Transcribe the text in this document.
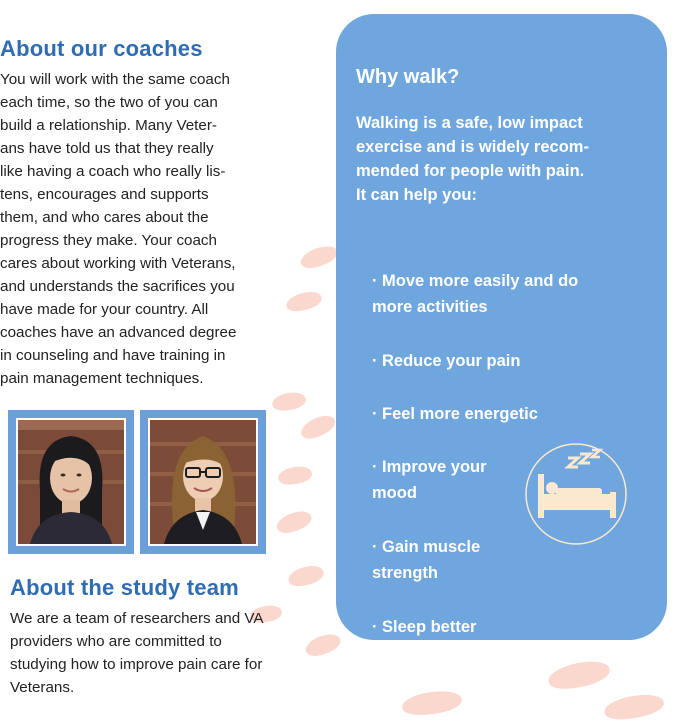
About our coaches

You will work with the same coach
each time, so the two of you can
build a relationship. Many Veter-
ans have told us that they really
like having a coach who really lis-
tens, encourages and supports
them, and who cares about the
progress they make. Your coach
cares about working with Veterans,
and understands the sacrifices you
have made for your country. All
coaches have an advanced degree
in counseling and have training in
pain management techniques.

About the study team

We are a team of researchers and VA
providers who are committed to
studying how to improve pain care for
Veterans.

Why walk?

Walking is a safe, low impact
exercise and is widely recom-
mended for people with pain.
It can help you:

· Move more easily and do
more activities

· Reduce your pain

· Feel more energetic

· Improve your
mood

· Gain muscle
strength

· Sleep better
